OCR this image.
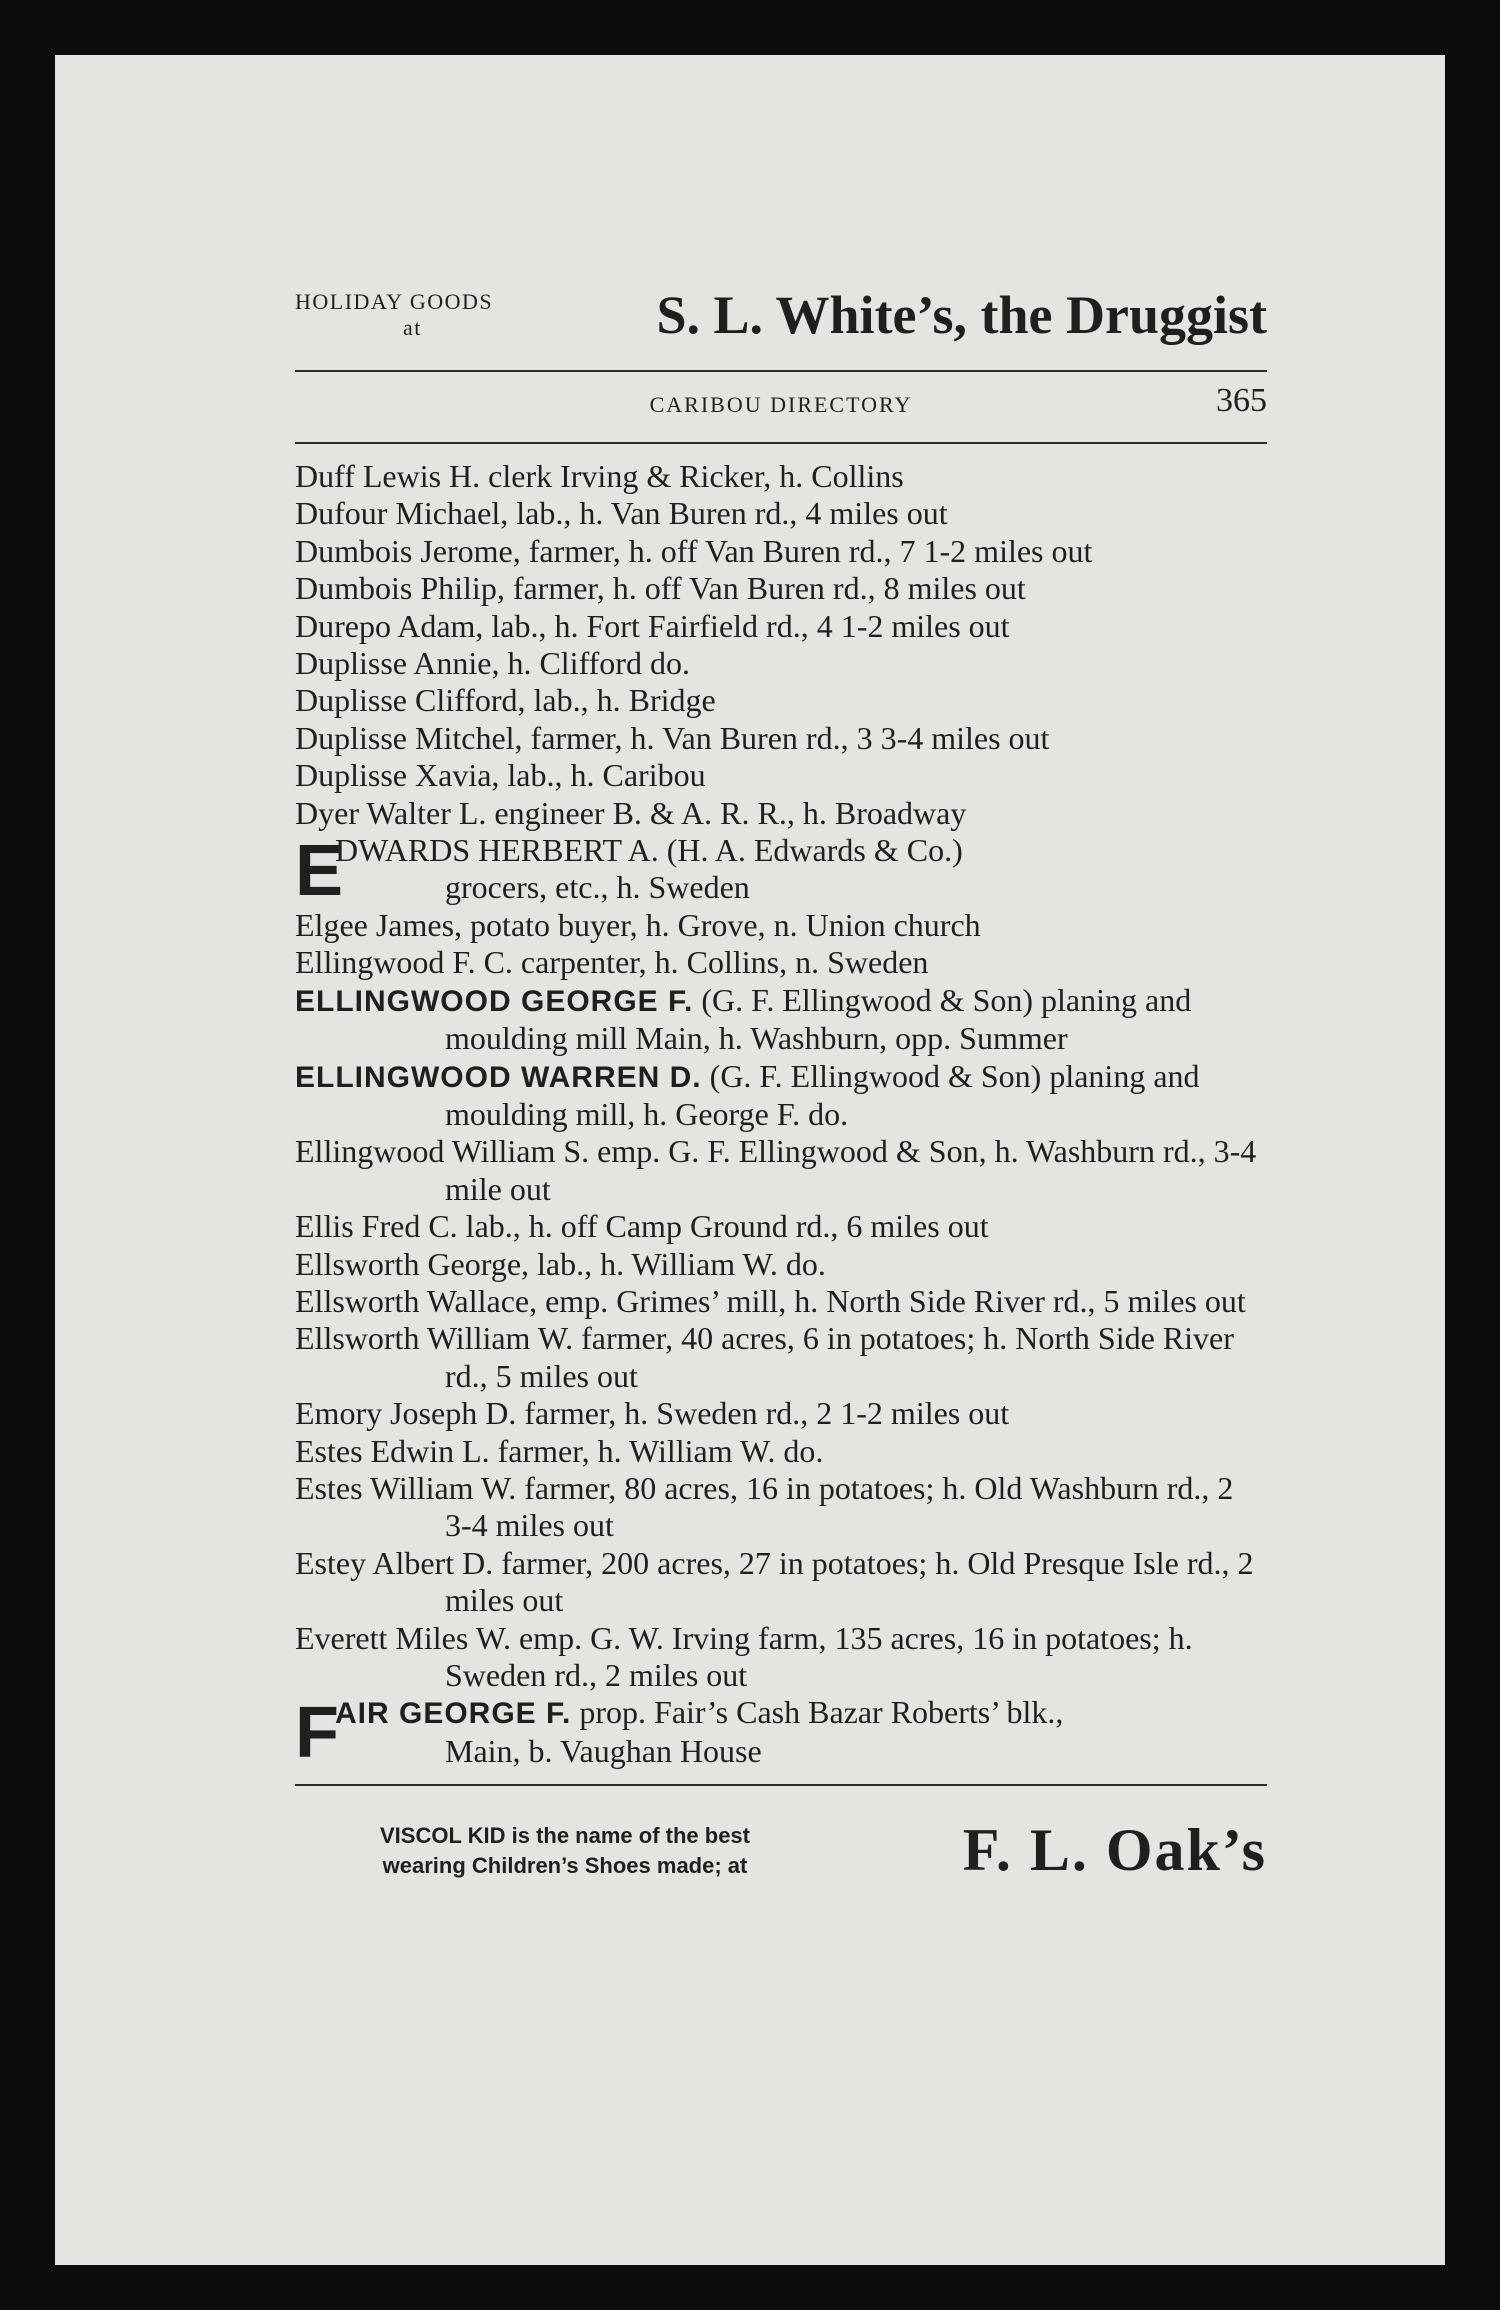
HOLIDAY GOODS
at	S. L. White’s, the Druggist
CARIBOU DIRECTORY	365
Duff Lewis H. clerk Irving & Ricker, h. Collins
Dufour Michael, lab., h. Van Buren rd., 4 miles out
Dumbois Jerome, farmer, h. off Van Buren rd., 7 1-2 miles out
Dumbois Philip, farmer, h. off Van Buren rd., 8 miles out
Durepo Adam, lab., h. Fort Fairfield rd., 4 1-2 miles out
Duplisse Annie, h. Clifford do.
Duplisse Clifford, lab., h. Bridge
Duplisse Mitchel, farmer, h. Van Buren rd., 3 3-4 miles out
Duplisse Xavia, lab., h. Caribou
Dyer Walter L. engineer B. & A. R. R., h. Broadway
E
DWARDS HERBERT A. (H. A. Edwards & Co.)
grocers, etc., h. Sweden
Elgee James, potato buyer, h. Grove, n. Union church
Ellingwood F. C. carpenter, h. Collins, n. Sweden
ELLINGWOOD GEORGE F. (G. F. Ellingwood & Son) planing and moulding mill Main, h. Washburn, opp. Summer
ELLINGWOOD WARREN D. (G. F. Ellingwood & Son) planing and moulding mill, h. George F. do.
Ellingwood William S. emp. G. F. Ellingwood & Son, h. Washburn rd., 3-4 mile out
Ellis Fred C. lab., h. off Camp Ground rd., 6 miles out
Ellsworth George, lab., h. William W. do.
Ellsworth Wallace, emp. Grimes’ mill, h. North Side River rd., 5 miles out
Ellsworth William W. farmer, 40 acres, 6 in potatoes; h. North Side River rd., 5 miles out
Emory Joseph D. farmer, h. Sweden rd., 2 1-2 miles out
Estes Edwin L. farmer, h. William W. do.
Estes William W. farmer, 80 acres, 16 in potatoes; h. Old Washburn rd., 2 3-4 miles out
Estey Albert D. farmer, 200 acres, 27 in potatoes; h. Old Presque Isle rd., 2 miles out
Everett Miles W. emp. G. W. Irving farm, 135 acres, 16 in potatoes; h. Sweden rd., 2 miles out
F
AIR GEORGE F. prop. Fair’s Cash Bazar Roberts’ blk.,
Main, b. Vaughan House
VISCOL KID is the name of the best
wearing Children’s Shoes made; at	F. L. Oak’s
